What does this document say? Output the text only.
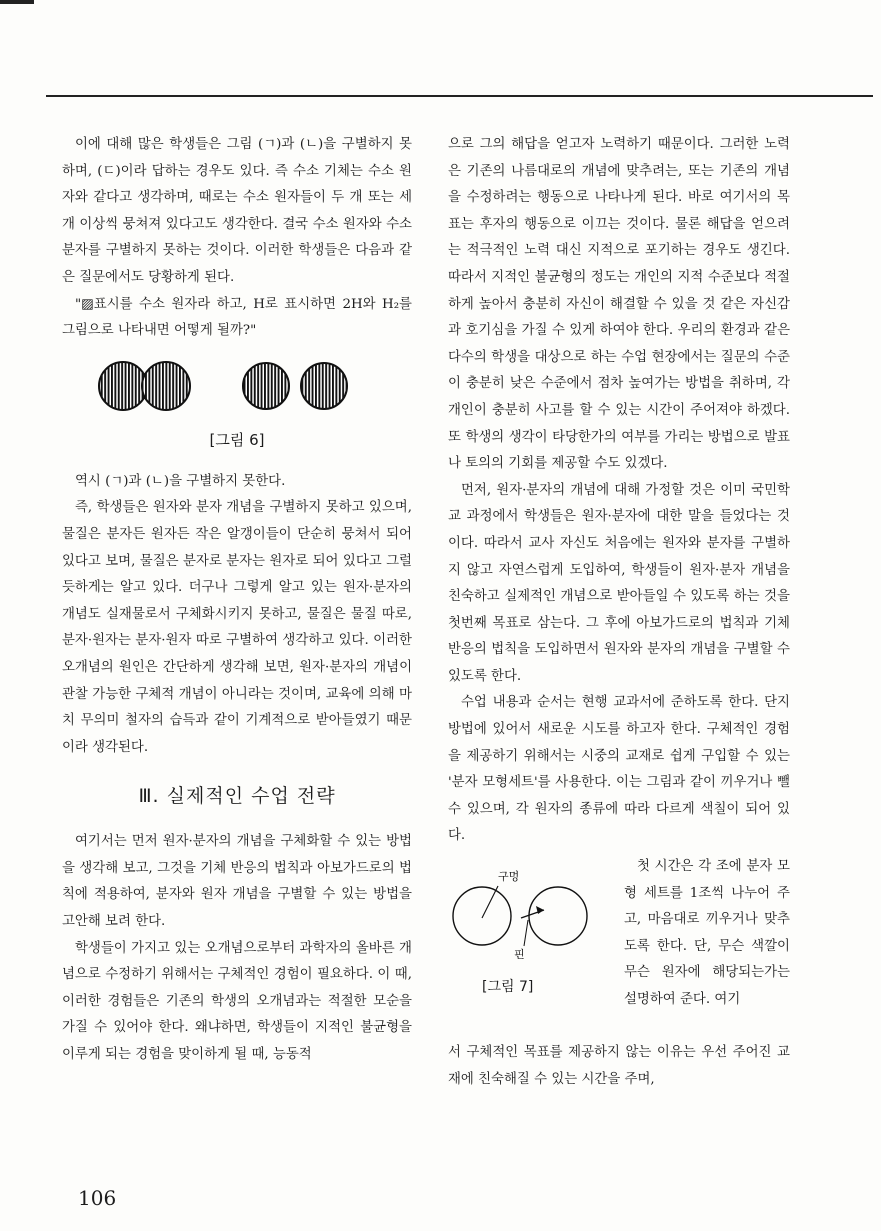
이에 대해 많은 학생들은 그림 (ㄱ)과 (ㄴ)을 구별하지 못하며, (ㄷ)이라 답하는 경우도 있다. 즉 수소 기체는 수소 원자와 같다고 생각하며, 때로는 수소 원자들이 두 개 또는 세 개 이상씩 뭉쳐져 있다고도 생각한다. 결국 수소 원자와 수소 분자를 구별하지 못하는 것이다. 이러한 학생들은 다음과 같은 질문에서도 당황하게 된다.

"▨표시를 수소 원자라 하고, H로 표시하면 2H와 H₂를 그림으로 나타내면 어떻게 될까?"

[그림 6]

역시 (ㄱ)과 (ㄴ)을 구별하지 못한다.

즉, 학생들은 원자와 분자 개념을 구별하지 못하고 있으며, 물질은 분자든 원자든 작은 알갱이들이 단순히 뭉쳐서 되어 있다고 보며, 물질은 분자로 분자는 원자로 되어 있다고 그럴 듯하게는 알고 있다. 더구나 그렇게 알고 있는 원자·분자의 개념도 실재물로서 구체화시키지 못하고, 물질은 물질 따로, 분자·원자는 분자·원자 따로 구별하여 생각하고 있다. 이러한 오개념의 원인은 간단하게 생각해 보면, 원자·분자의 개념이 관찰 가능한 구체적 개념이 아니라는 것이며, 교육에 의해 마치 무의미 철자의 습득과 같이 기계적으로 받아들였기 때문이라 생각된다.

Ⅲ. 실제적인 수업 전략

여기서는 먼저 원자·분자의 개념을 구체화할 수 있는 방법을 생각해 보고, 그것을 기체 반응의 법칙과 아보가드로의 법칙에 적용하여, 분자와 원자 개념을 구별할 수 있는 방법을 고안해 보려 한다.

학생들이 가지고 있는 오개념으로부터 과학자의 올바른 개념으로 수정하기 위해서는 구체적인 경험이 필요하다. 이 때, 이러한 경험들은 기존의 학생의 오개념과는 적절한 모순을 가질 수 있어야 한다. 왜냐하면, 학생들이 지적인 불균형을 이루게 되는 경험을 맞이하게 될 때, 능동적

으로 그의 해답을 얻고자 노력하기 때문이다. 그러한 노력은 기존의 나름대로의 개념에 맞추려는, 또는 기존의 개념을 수정하려는 행동으로 나타나게 된다. 바로 여기서의 목표는 후자의 행동으로 이끄는 것이다. 물론 해답을 얻으려는 적극적인 노력 대신 지적으로 포기하는 경우도 생긴다. 따라서 지적인 불균형의 정도는 개인의 지적 수준보다 적절하게 높아서 충분히 자신이 해결할 수 있을 것 같은 자신감과 호기심을 가질 수 있게 하여야 한다. 우리의 환경과 같은 다수의 학생을 대상으로 하는 수업 현장에서는 질문의 수준이 충분히 낮은 수준에서 점차 높여가는 방법을 취하며, 각 개인이 충분히 사고를 할 수 있는 시간이 주어져야 하겠다. 또 학생의 생각이 타당한가의 여부를 가리는 방법으로 발표나 토의의 기회를 제공할 수도 있겠다.

먼저, 원자·분자의 개념에 대해 가정할 것은 이미 국민학교 과정에서 학생들은 원자·분자에 대한 말을 들었다는 것이다. 따라서 교사 자신도 처음에는 원자와 분자를 구별하지 않고 자연스럽게 도입하여, 학생들이 원자·분자 개념을 친숙하고 실제적인 개념으로 받아들일 수 있도록 하는 것을 첫번째 목표로 삼는다. 그 후에 아보가드로의 법칙과 기체 반응의 법칙을 도입하면서 원자와 분자의 개념을 구별할 수 있도록 한다.

수업 내용과 순서는 현행 교과서에 준하도록 한다. 단지 방법에 있어서 새로운 시도를 하고자 한다. 구체적인 경험을 제공하기 위해서는 시중의 교재로 쉽게 구입할 수 있는 '분자 모형세트'를 사용한다. 이는 그림과 같이 끼우거나 뺄 수 있으며, 각 원자의 종류에 따라 다르게 색칠이 되어 있다.

구멍
핀
[그림 7]

첫 시간은 각 조에 분자 모형 세트를 1조씩 나누어 주고, 마음대로 끼우거나 맞추도록 한다. 단, 무슨 색깔이 무슨 원자에 해당되는가는 설명하여 준다. 여기

서 구체적인 목표를 제공하지 않는 이유는 우선 주어진 교재에 친숙해질 수 있는 시간을 주며,

106
